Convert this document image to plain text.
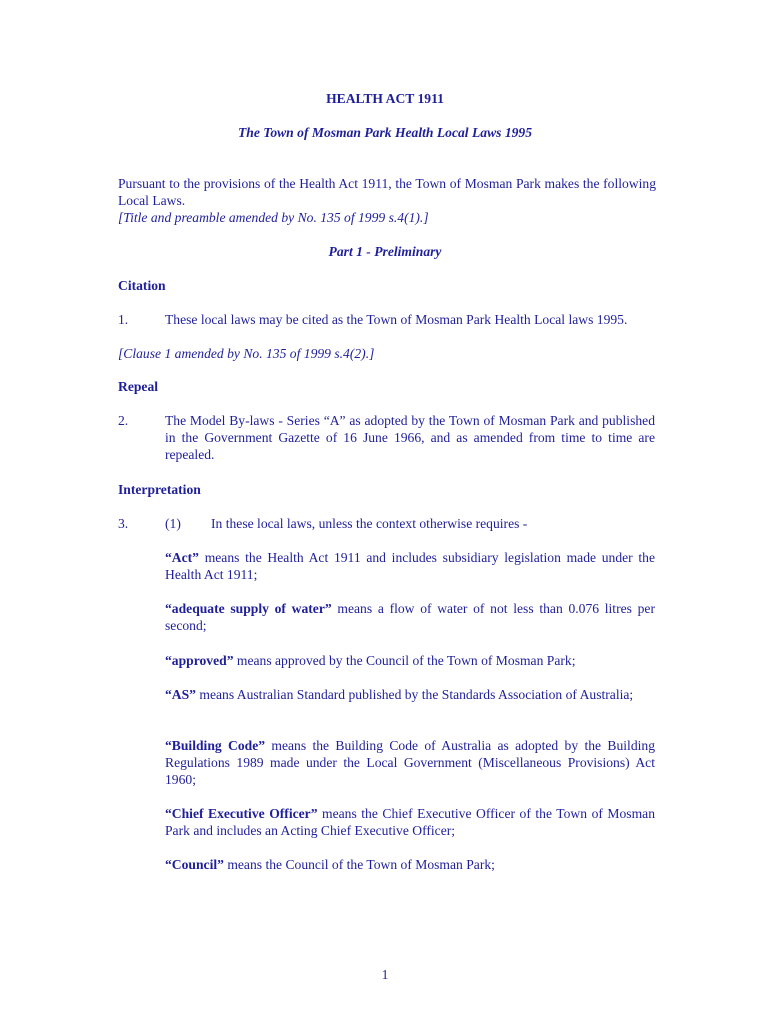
HEALTH ACT 1911

The Town of Mosman Park Health Local Laws 1995

Pursuant to the provisions of the Health Act 1911, the Town of Mosman Park makes the following Local Laws.

[Title and preamble amended by No. 135 of 1999 s.4(1).]

Part 1 - Preliminary

Citation

1.	These local laws may be cited as the Town of Mosman Park Health Local laws 1995.

[Clause 1 amended by No. 135 of 1999 s.4(2).]

Repeal

2.	The Model By-laws - Series “A” as adopted by the Town of Mosman Park and published in the Government Gazette of 16 June 1966, and as amended from time to time are repealed.

Interpretation

3.	(1) In these local laws, unless the context otherwise requires -

“Act” means the Health Act 1911 and includes subsidiary legislation made under the Health Act 1911;

“adequate supply of water” means a flow of water of not less than 0.076 litres per second;

“approved” means approved by the Council of the Town of Mosman Park;

“AS” means Australian Standard published by the Standards Association of Australia;

“Building Code” means the Building Code of Australia as adopted by the Building Regulations 1989 made under the Local Government (Miscellaneous Provisions) Act 1960;

“Chief Executive Officer” means the Chief Executive Officer of the Town of Mosman Park and includes an Acting Chief Executive Officer;

“Council” means the Council of the Town of Mosman Park;

1
